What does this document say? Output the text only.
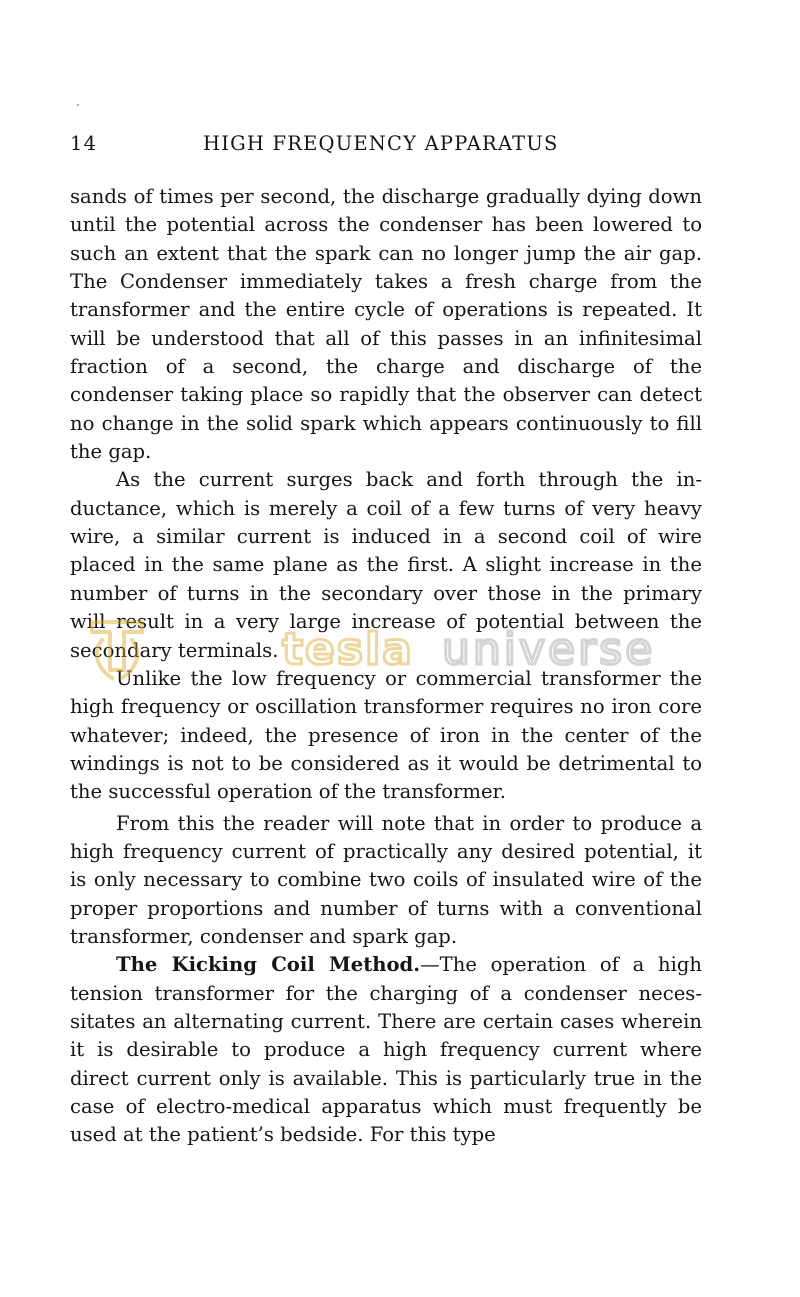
14	HIGH FREQUENCY APPARATUS

sands of times per second, the discharge gradually dying down until the potential across the condenser has been lowered to such an extent that the spark can no longer jump the air gap. The Condenser immediately takes a fresh charge from the transformer and the entire cycle of operations is repeated. It will be understood that all of this passes in an infinitesimal fraction of a second, the charge and discharge of the condenser taking place so rapidly that the observer can detect no change in the solid spark which appears continuously to fill the gap.

As the current surges back and forth through the inductance, which is merely a coil of a few turns of very heavy wire, a similar current is induced in a second coil of wire placed in the same plane as the first. A slight increase in the number of turns in the secondary over those in the primary will result in a very large increase of potential between the secondary terminals.

Unlike the low frequency or commercial transformer the high frequency or oscillation transformer requires no iron core whatever; indeed, the presence of iron in the center of the windings is not to be considered as it would be detrimental to the successful operation of the transformer.

From this the reader will note that in order to produce a high frequency current of practically any desired potential, it is only necessary to combine two coils of insulated wire of the proper proportions and number of turns with a conventional transformer, condenser and spark gap.

The Kicking Coil Method.—The operation of a high tension transformer for the charging of a condenser necessitates an alternating current. There are certain cases wherein it is desirable to produce a high frequency current where direct current only is available. This is particularly true in the case of electro-medical apparatus which must frequently be used at the patient’s bedside. For this type

tesla universe
